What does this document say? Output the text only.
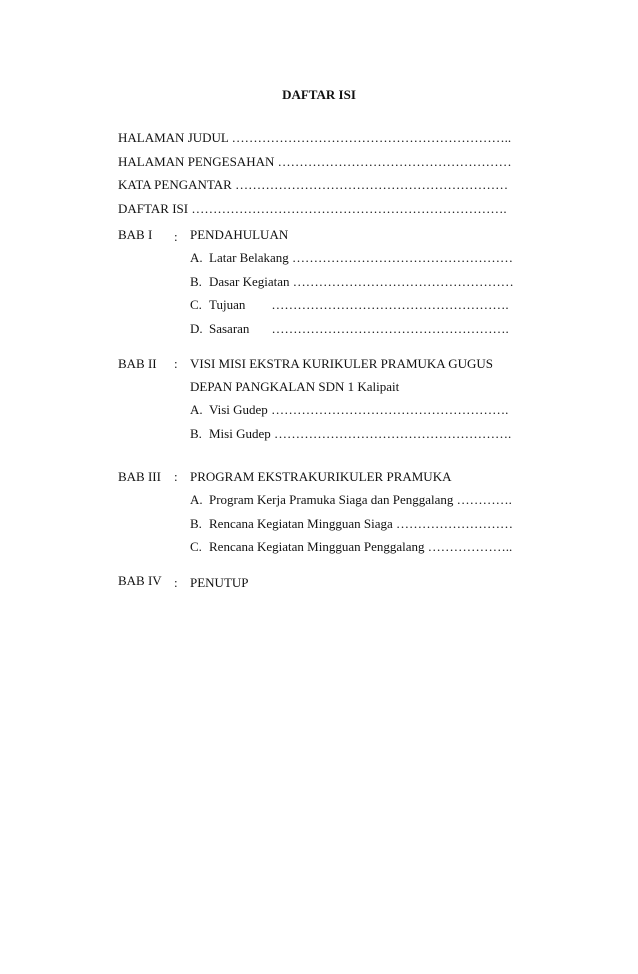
DAFTAR ISI
HALAMAN JUDUL ………………………………………………………..
HALAMAN PENGESAHAN ………………………………………………
KATA PENGANTAR ………………………………………………………
DAFTAR ISI ……………………………………………………………….
BAB I : PENDAHULUAN
A. Latar Belakang ……………………………………………
B. Dasar Kegiatan ……………………………………………
C. Tujuan ……………………………………………….
D. Sasaran ……………………………………………….
BAB II : VISI MISI EKSTRA KURIKULER PRAMUKA GUGUS
DEPAN PANGKALAN SDN 1 Kalipait
A. Visi Gudep ……………………………………………….
B. Misi Gudep ……………………………………………….
BAB III : PROGRAM EKSTRAKURIKULER PRAMUKA
A. Program Kerja Pramuka Siaga dan Penggalang ………….
B. Rencana Kegiatan Mingguan Siaga ………………………
C. Rencana Kegiatan Mingguan Penggalang ………………..
BAB IV : PENUTUP
